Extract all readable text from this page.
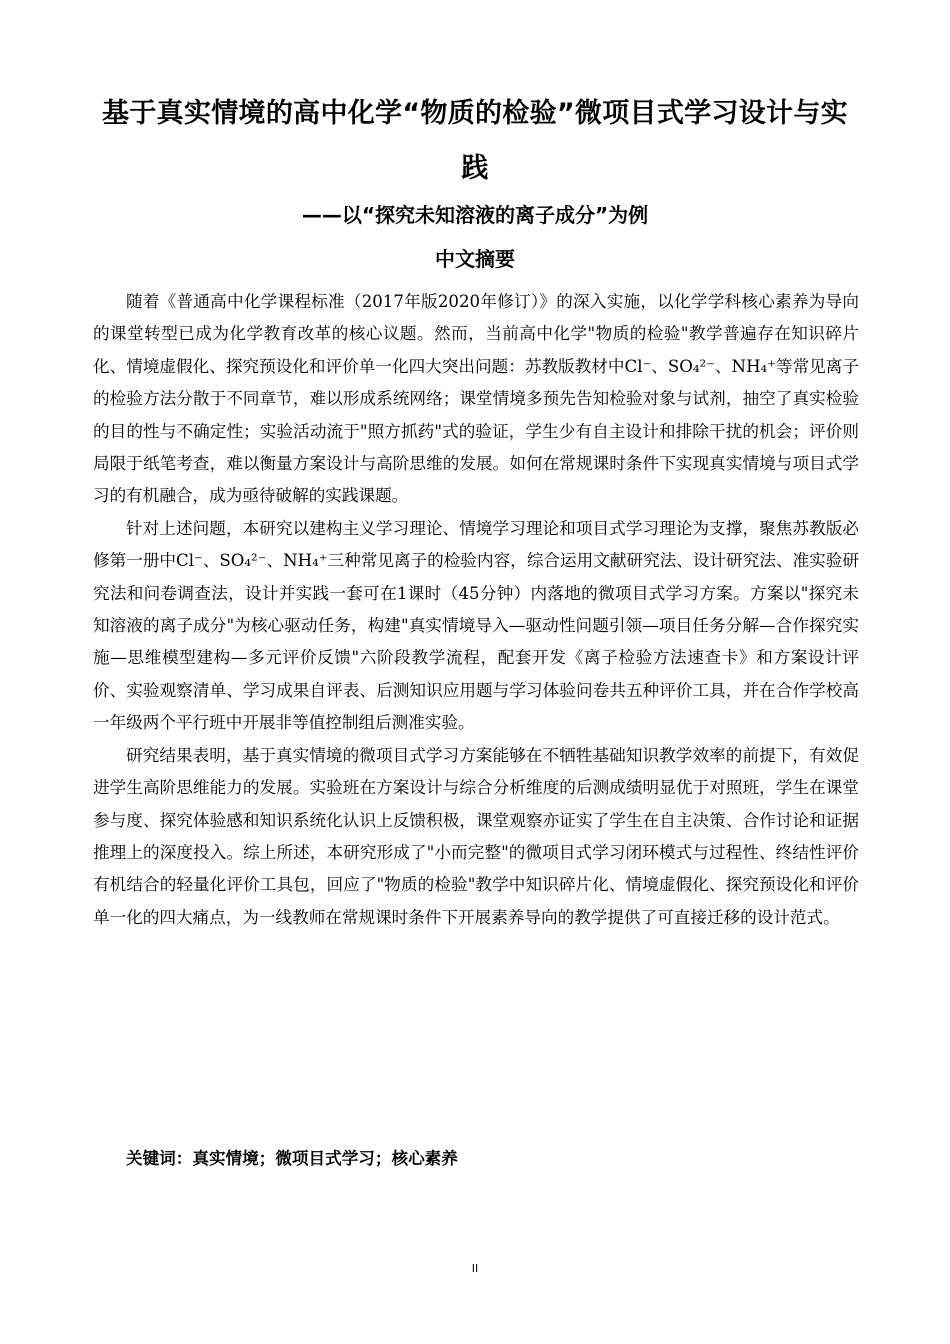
基于真实情境的高中化学“物质的检验”微项目式学习设计与实践
——以“探究未知溶液的离子成分”为例
中文摘要

随着《普通高中化学课程标准（2017年版2020年修订）》的深入实施，以化学学科核心素养为导向的课堂转型已成为化学教育改革的核心议题。然而，当前高中化学"物质的检验"教学普遍存在知识碎片化、情境虚假化、探究预设化和评价单一化四大突出问题：苏教版教材中Cl⁻、SO₄²⁻、NH₄⁺等常见离子的检验方法分散于不同章节，难以形成系统网络；课堂情境多预先告知检验对象与试剂，抽空了真实检验的目的性与不确定性；实验活动流于"照方抓药"式的验证，学生少有自主设计和排除干扰的机会；评价则局限于纸笔考查，难以衡量方案设计与高阶思维的发展。如何在常规课时条件下实现真实情境与项目式学习的有机融合，成为亟待破解的实践课题。

针对上述问题，本研究以建构主义学习理论、情境学习理论和项目式学习理论为支撑，聚焦苏教版必修第一册中Cl⁻、SO₄²⁻、NH₄⁺三种常见离子的检验内容，综合运用文献研究法、设计研究法、准实验研究法和问卷调查法，设计并实践一套可在1课时（45分钟）内落地的微项目式学习方案。方案以"探究未知溶液的离子成分"为核心驱动任务，构建"真实情境导入—驱动性问题引领—项目任务分解—合作探究实施—思维模型建构—多元评价反馈"六阶段教学流程，配套开发《离子检验方法速查卡》和方案设计评价、实验观察清单、学习成果自评表、后测知识应用题与学习体验问卷共五种评价工具，并在合作学校高一年级两个平行班中开展非等值控制组后测准实验。

研究结果表明，基于真实情境的微项目式学习方案能够在不牺牲基础知识教学效率的前提下，有效促进学生高阶思维能力的发展。实验班在方案设计与综合分析维度的后测成绩明显优于对照班，学生在课堂参与度、探究体验感和知识系统化认识上反馈积极，课堂观察亦证实了学生在自主决策、合作讨论和证据推理上的深度投入。综上所述，本研究形成了"小而完整"的微项目式学习闭环模式与过程性、终结性评价有机结合的轻量化评价工具包，回应了"物质的检验"教学中知识碎片化、情境虚假化、探究预设化和评价单一化的四大痛点，为一线教师在常规课时条件下开展素养导向的教学提供了可直接迁移的设计范式。

关键词：真实情境；微项目式学习；核心素养

II
